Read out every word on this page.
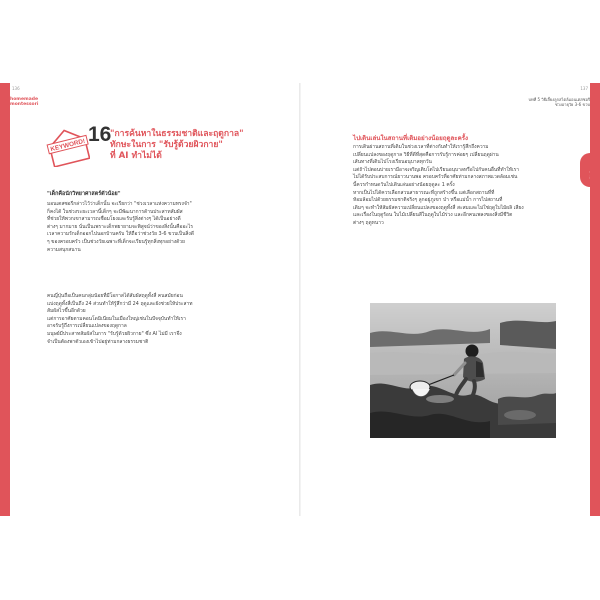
136
homemade
montessori
KEYWORD! 16
"การค้นหาในธรรมชาติและฤดูกาล"
ทักษะในการ "รับรู้ด้วยผิวกาย"
ที่ AI ทำไม่ได้
"เด็กคือนักวิทยาศาสตร์ตัวน้อย"
มอนเตสซอรีกล่าวไว้ว่าเด็กนั้น จะเรียกว่า "ช่วงเวลาแห่งความทรงจำ"
ก็คงได้ ในช่วงระยะเวลานี้เด็กๆ จะมีพัฒนาการด้านประสาทสัมผัส
ที่ช่วยให้พวกเขาสามารถเชื่อมโยงและรับรู้สิ่งต่างๆ ได้เป็นอย่างดี
ต่างๆ มากมาย นั่นเป็นเพราะเด็กพยายามจะพิสูจน์ว่าของสิ่งนั้นคืออะไร
เวลาความรักเด็กออกไปนอกบ้านครับ ให้ถือว่าช่วงวัย 3-6 ขวบเป็นสิ่งดี
ๆ ของครอบครัว เป็นช่วงวัยเฉพาะที่เด็กจะเรียนรู้ทุกสิ่งทุกอย่างด้วย
ความสนุกสนาน
คนญี่ปุ่นถือเป็นคนกลุ่มน้อยที่มีโอกาสได้สัมผัสฤดูทั้งสี่ คนสมัยก่อน
แบ่งฤดูทั้งสี่เป็นถึง 24 ส่วนทำให้รู้สึกว่ามี 24 ฤดูและยังช่วยให้ประสาท
สัมผัสไวขึ้นอีกด้วย
แต่การอาศัยตามคอนโดมิเนียมในเมืองใหญ่เช่นในปัจจุบันทำให้เรา
อาจรับรู้ถึงการเปลี่ยนแปลงของฤดูกาล
มนุษย์มีประสาทสัมผัสในการ "รับรู้ด้วยผิวกาย" ซึ่ง AI ไม่มี เราจึง
จำเป็นต้องพาตัวเองเข้าไปอยู่ท่ามกลางธรรมชาติ
137
บทที่ 5 วิธีเลี้ยงลูกสไตล์มอนเตสซอรี
ช่วงอายุวัย 3-6 ขวบ
ไปเดินเล่นในสถานที่เดิมอย่างน้อยฤดูละครั้ง
การเดินผ่านสถานที่เดิมในช่วงเวลาที่ต่างกันทำให้เรารู้สึกถึงความ
เปลี่ยนแปลงของฤดูกาล วิธีที่ดีที่สุดคือการรับรู้การค่อยๆ เปลี่ยนฤดูผ่าน
เส้นทางที่เดินไปโรงเรียนอนุบาลทุกวัน
แต่ถ้าไปตอนบ่ายเรามีอาจเจริญเติบโตไปเรียนอนุบาลหรือไปกับคนอื่นที่ทำให้เรา
ไม่ได้รับประสบการณ์ยาวนานพอ ครอบครัวที่อาศัยท่ามกลางสภาพแวดล้อมเช่น
นี้ควรกำหนดวันไปเดินเล่นอย่างน้อยฤดูละ 1 ครั้ง
หากเป็นไปได้ควรเลือกสวนสาธารณะที่ถูกสร้างขึ้น แต่เลือกสถานที่ที่
ห้อมล้อมไปด้วยธรรมชาติจริงๆ ลูกอยู่ภูเขา ป่า หรือแม่น้ำ การไปสถานที่
เดิมๆ จะทำให้สัมผัสความเปลี่ยนแปลงของฤดูทั้งสี่ สะสมและไม่ใช่ฤดูใบไม้ผลิ เสียง
และเรื่องในฤดูร้อน ใบไม้เปลี่ยนสีในฤดูใบไม้ร่วง และอีกคนเพลงของสิ่งมีชีวิต
ต่างๆ ฤดูหนาว
